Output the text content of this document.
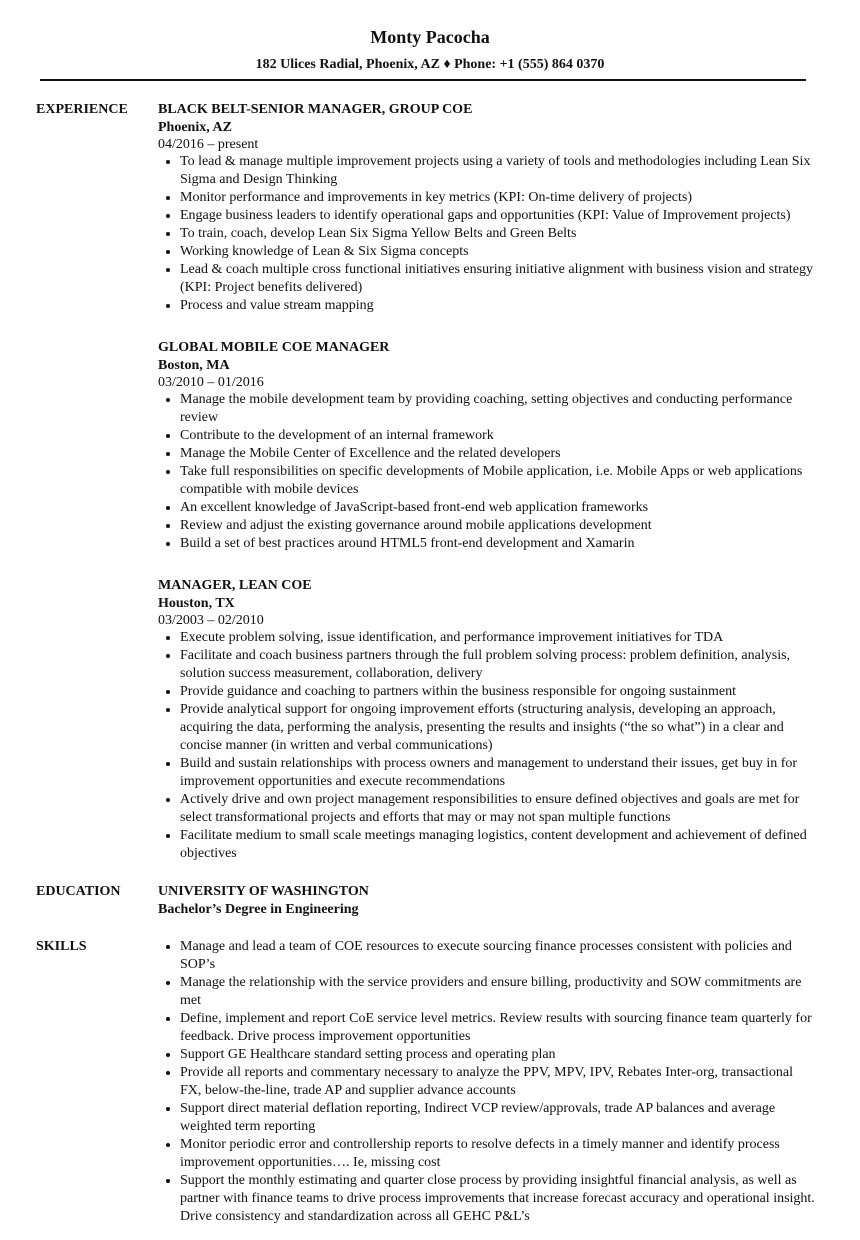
Monty Pacocha
182 Ulices Radial, Phoenix, AZ ♦ Phone: +1 (555) 864 0370
EXPERIENCE	BLACK BELT-SENIOR MANAGER, GROUP COE
Phoenix, AZ
04/2016 – present
• To lead & manage multiple improvement projects using a variety of tools and methodologies including Lean Six Sigma and Design Thinking
• Monitor performance and improvements in key metrics (KPI: On-time delivery of projects)
• Engage business leaders to identify operational gaps and opportunities (KPI: Value of Improvement projects)
• To train, coach, develop Lean Six Sigma Yellow Belts and Green Belts
• Working knowledge of Lean & Six Sigma concepts
• Lead & coach multiple cross functional initiatives ensuring initiative alignment with business vision and strategy (KPI: Project benefits delivered)
• Process and value stream mapping
GLOBAL MOBILE COE MANAGER
Boston, MA
03/2010 – 01/2016
• Manage the mobile development team by providing coaching, setting objectives and conducting performance review
• Contribute to the development of an internal framework
• Manage the Mobile Center of Excellence and the related developers
• Take full responsibilities on specific developments of Mobile application, i.e. Mobile Apps or web applications compatible with mobile devices
• An excellent knowledge of JavaScript-based front-end web application frameworks
• Review and adjust the existing governance around mobile applications development
• Build a set of best practices around HTML5 front-end development and Xamarin
MANAGER, LEAN COE
Houston, TX
03/2003 – 02/2010
• Execute problem solving, issue identification, and performance improvement initiatives for TDA
• Facilitate and coach business partners through the full problem solving process: problem definition, analysis, solution success measurement, collaboration, delivery
• Provide guidance and coaching to partners within the business responsible for ongoing sustainment
• Provide analytical support for ongoing improvement efforts (structuring analysis, developing an approach, acquiring the data, performing the analysis, presenting the results and insights (“the so what”) in a clear and concise manner (in written and verbal communications)
• Build and sustain relationships with process owners and management to understand their issues, get buy in for improvement opportunities and execute recommendations
• Actively drive and own project management responsibilities to ensure defined objectives and goals are met for select transformational projects and efforts that may or may not span multiple functions
• Facilitate medium to small scale meetings managing logistics, content development and achievement of defined objectives
EDUCATION	UNIVERSITY OF WASHINGTON
Bachelor’s Degree in Engineering
SKILLS
•	Manage and lead a team of COE resources to execute sourcing finance processes consistent with policies and SOP’s
• Manage the relationship with the service providers and ensure billing, productivity and SOW commitments are met
• Define, implement and report CoE service level metrics. Review results with sourcing finance team quarterly for feedback. Drive process improvement opportunities
• Support GE Healthcare standard setting process and operating plan
• Provide all reports and commentary necessary to analyze the PPV, MPV, IPV, Rebates Inter-org, transactional FX, below-the-line, trade AP and supplier advance accounts
• Support direct material deflation reporting, Indirect VCP review/approvals, trade AP balances and average weighted term reporting
• Monitor periodic error and controllership reports to resolve defects in a timely manner and identify process improvement opportunities…. Ie, missing cost
• Support the monthly estimating and quarter close process by providing insightful financial analysis, as well as partner with finance teams to drive process improvements that increase forecast accuracy and operational insight. Drive consistency and standardization across all GEHC P&L’s
